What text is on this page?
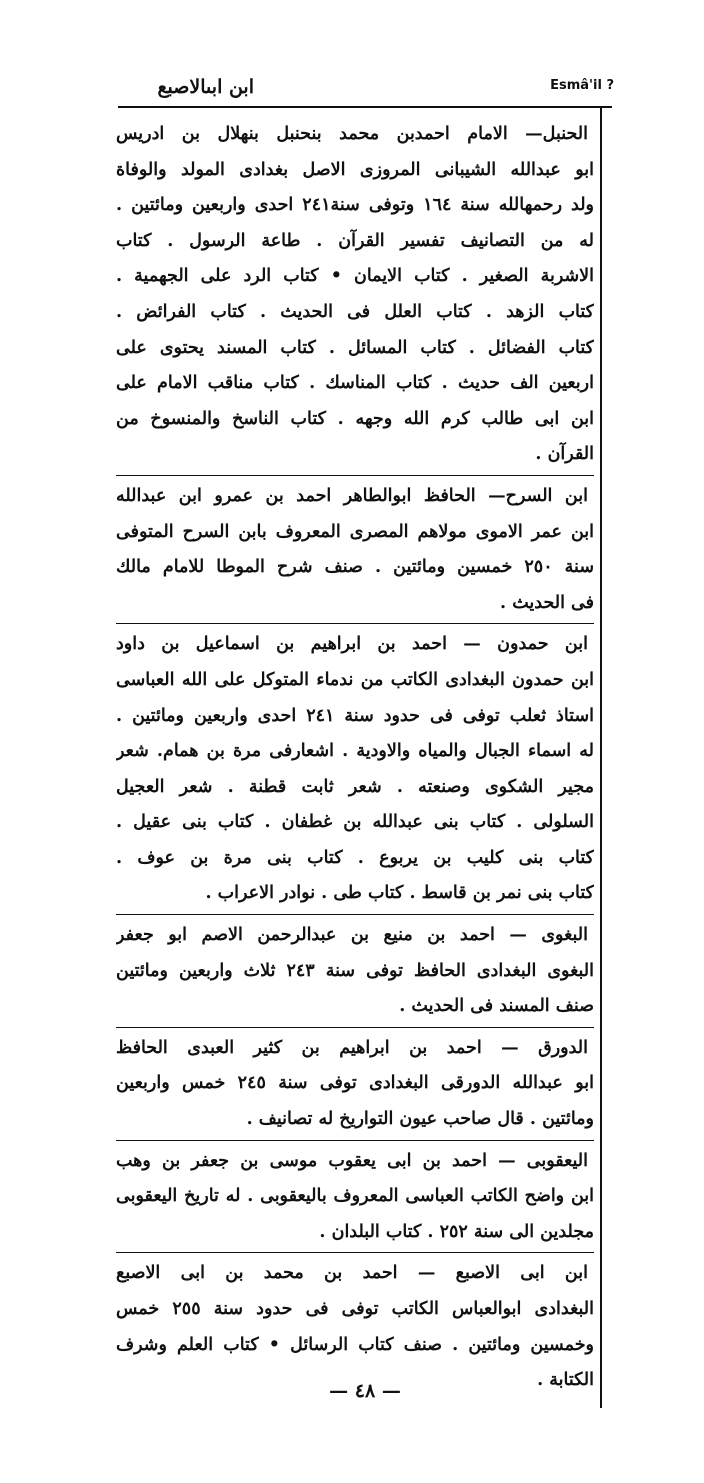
ابن ابىالاصبع	Esmâ'il ?
الحنبل— الامام احمدبن محمد بنحنبل بنهلال بن ادريس
ابو عبدالله الشيبانى المروزى الاصل بغدادى المولد والوفاة
ولد رحمهالله سنة ١٦٤ وتوفى سنة٢٤١ احدى واربعين ومائتين .
له من التصانيف تفسير القرآن . طاعة الرسول . كتاب
الاشربة الصغير . كتاب الايمان • كتاب الرد على الجهمية .
كتاب الزهد . كتاب العلل فى الحديث . كتاب الفرائض .
كتاب الفضائل . كتاب المسائل . كتاب المسند يحتوى على
اربعين الف حديث . كتاب المناسك . كتاب مناقب الامام على
ابن ابى طالب كرم الله وجهه . كتاب الناسخ والمنسوخ من
القرآن .
ابن السرح— الحافظ ابوالطاهر احمد بن عمرو ابن عبدالله
ابن عمر الاموى مولاهم المصرى المعروف بابن السرح المتوفى
سنة ٢٥٠ خمسين ومائتين . صنف شرح الموطا للامام مالك
فى الحديث .
ابن حمدون — احمد بن ابراهيم بن اسماعيل بن داود
ابن حمدون البغدادى الكاتب من ندماء المتوكل على الله العباسى
استاذ ثعلب توفى فى حدود سنة ٢٤١ احدى واربعين ومائتين .
له اسماء الجبال والمياه والاودية . اشعارفى مرة بن همام. شعر
مجير الشكوى وصنعته . شعر ثابت قطنة . شعر العجيل
السلولى . كتاب بنى عبدالله بن غطفان . كتاب بنى عقيل .
كتاب بنى كليب بن يربوع . كتاب بنى مرة بن عوف .
كتاب بنى نمر بن قاسط . كتاب طى . نوادر الاعراب .
البغوى — احمد بن منيع بن عبدالرحمن الاصم ابو جعفر
البغوى البغدادى الحافظ توفى سنة ٢٤٣ ثلاث واربعين ومائتين
صنف المسند فى الحديث .
الدورق — احمد بن ابراهيم بن كثير العبدى الحافظ
ابو عبدالله الدورقى البغدادى توفى سنة ٢٤٥ خمس واربعين
ومائتين . قال صاحب عيون التواريخ له تصانيف .
اليعقوبى — احمد بن ابى يعقوب موسى بن جعفر بن وهب
ابن واضح الكاتب العباسى المعروف باليعقوبى . له تاريخ اليعقوبى
مجلدين الى سنة ٢٥٢ . كتاب البلدان .
ابن ابى الاصبع — احمد بن محمد بن ابى الاصبع
البغدادى ابوالعباس الكاتب توفى فى حدود سنة ٢٥٥ خمس
وخمسين ومائتين . صنف كتاب الرسائل • كتاب العلم وشرف
الكتابة .
— ٤٨ —
